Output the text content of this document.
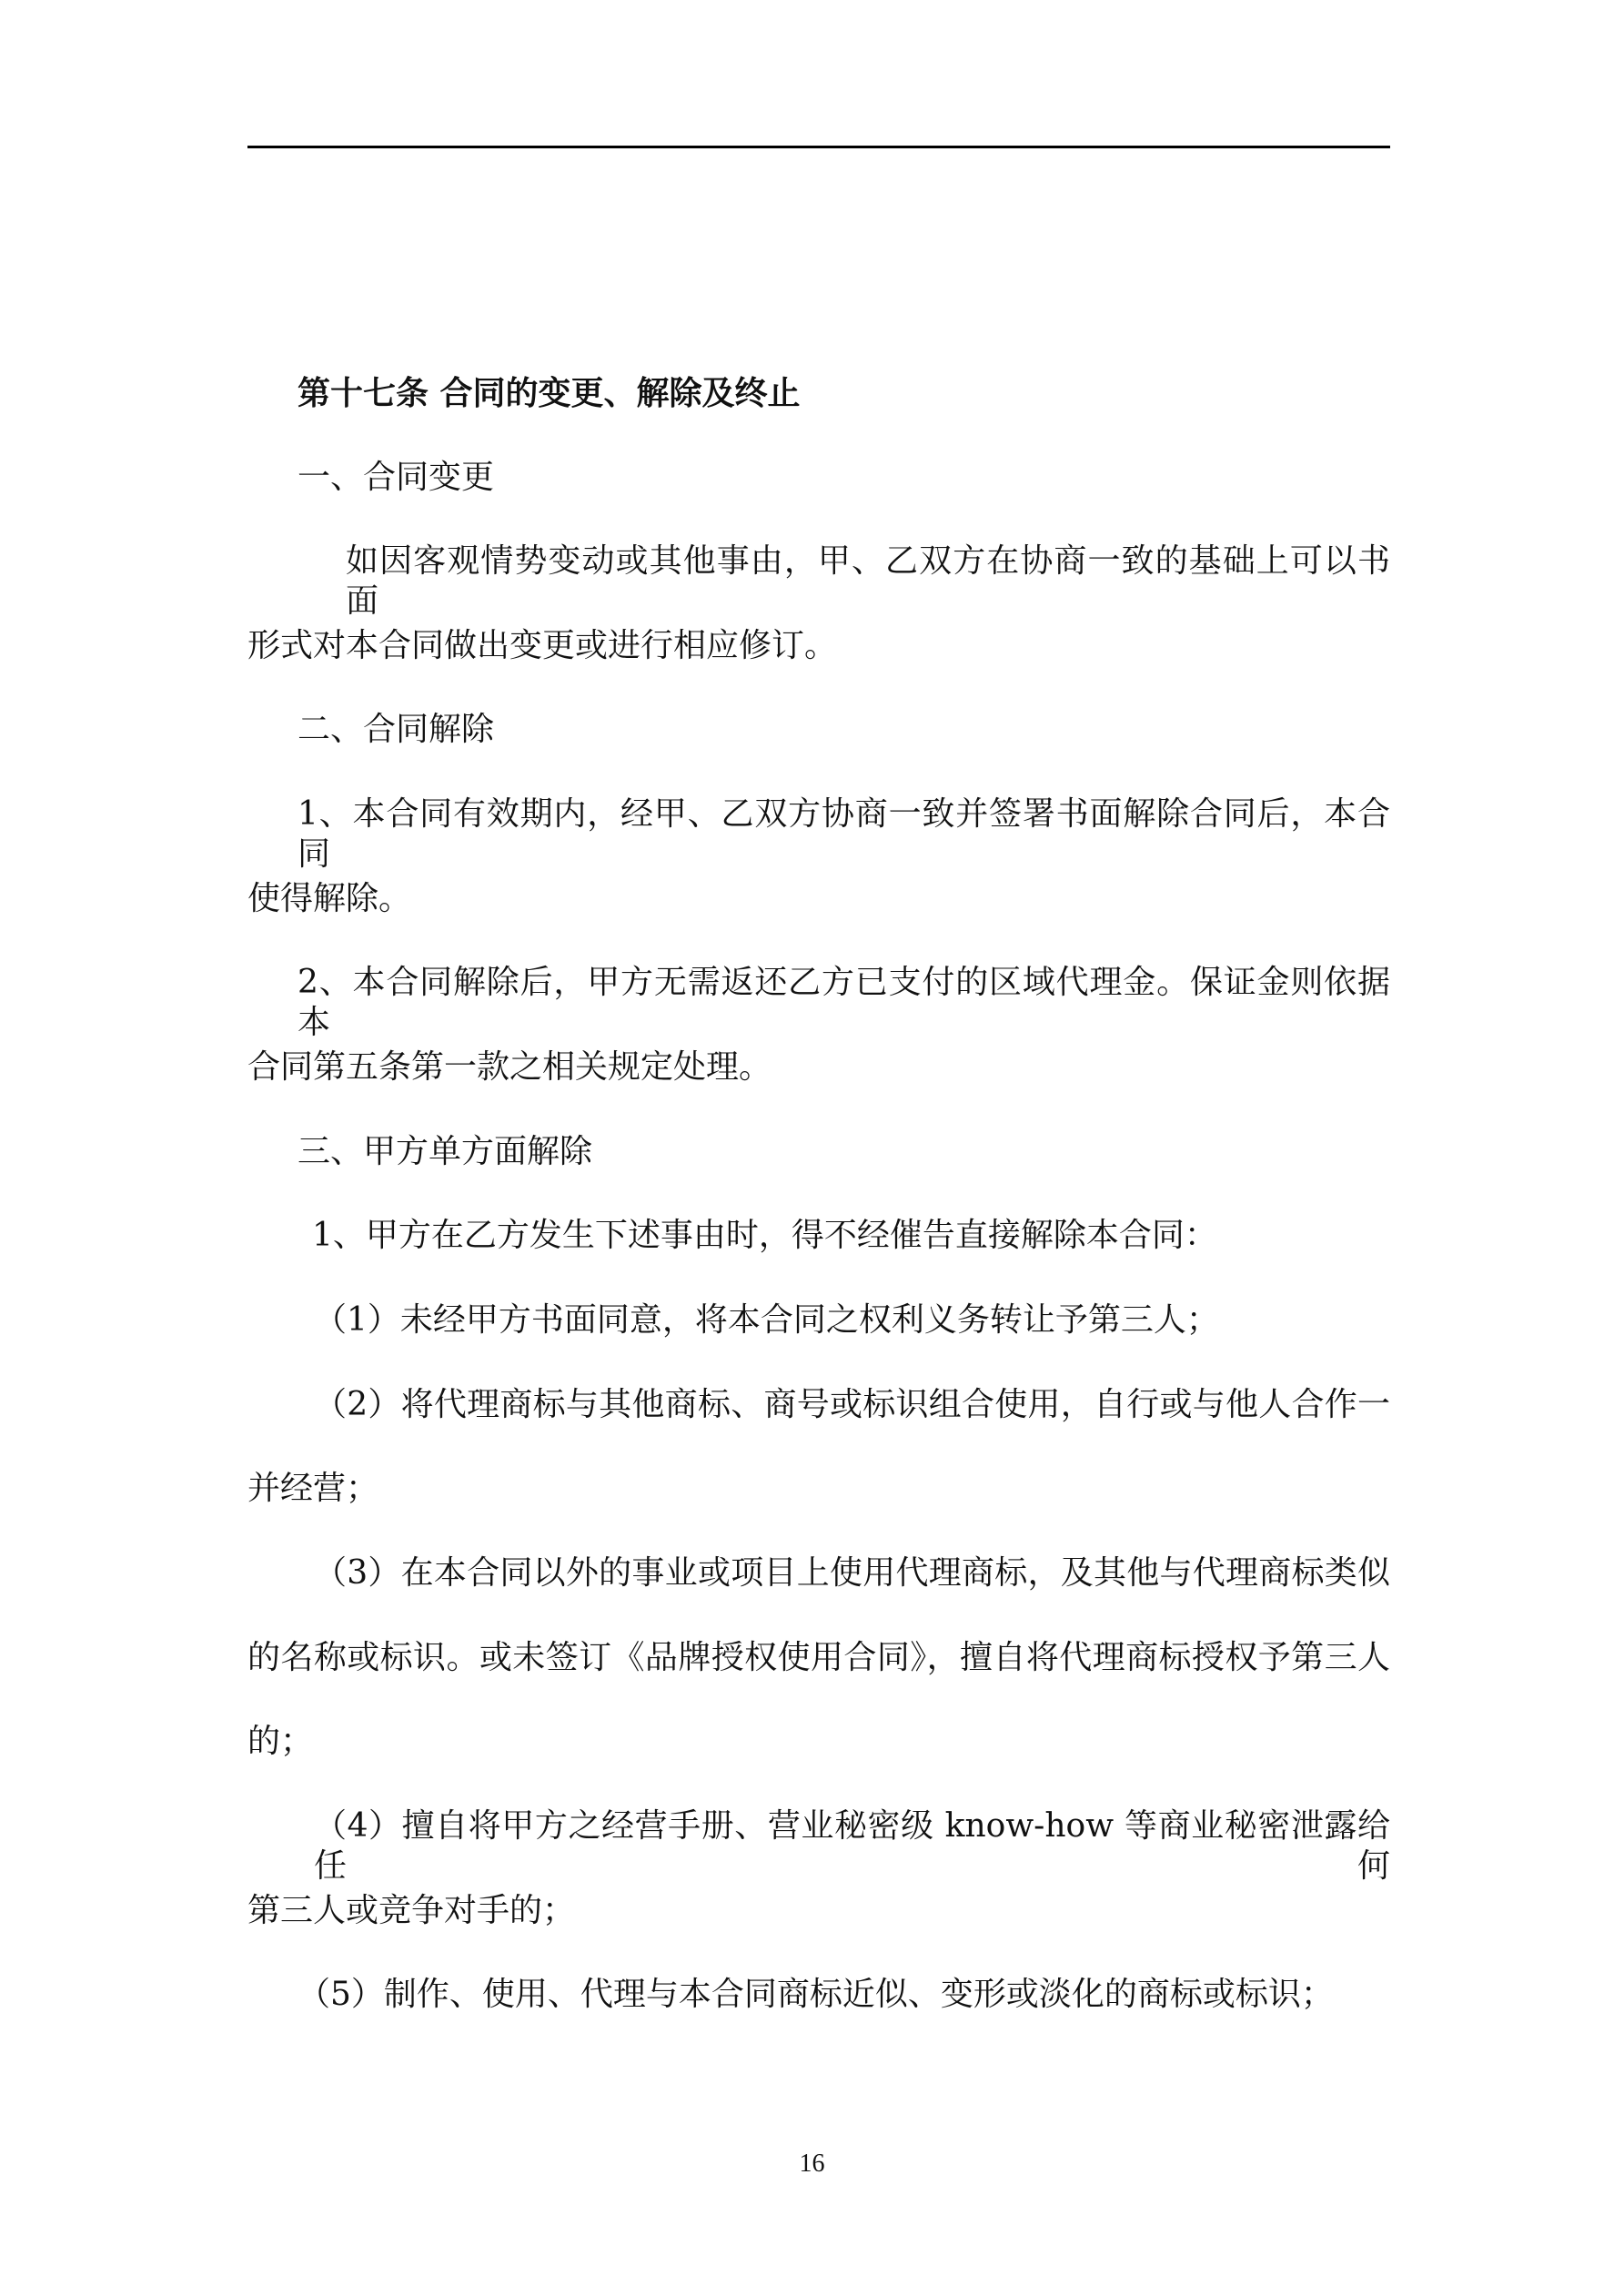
第十七条 合同的变更、解除及终止
一、合同变更
如因客观情势变动或其他事由，甲、乙双方在协商一致的基础上可以书面
形式对本合同做出变更或进行相应修订。
二、合同解除
1、本合同有效期内，经甲、乙双方协商一致并签署书面解除合同后，本合同
使得解除。
2、本合同解除后，甲方无需返还乙方已支付的区域代理金。保证金则依据本
合同第五条第一款之相关规定处理。
三、甲方单方面解除
1、甲方在乙方发生下述事由时，得不经催告直接解除本合同：
（1）未经甲方书面同意，将本合同之权利义务转让予第三人；
（2）将代理商标与其他商标、商号或标识组合使用，自行或与他人合作一
并经营；
（3）在本合同以外的事业或项目上使用代理商标，及其他与代理商标类似
的名称或标识。或未签订《品牌授权使用合同》，擅自将代理商标授权予第三人
的；
（4）擅自将甲方之经营手册、营业秘密级 know-how 等商业秘密泄露给任何
第三人或竞争对手的；
（5）制作、使用、代理与本合同商标近似、变形或淡化的商标或标识；
16
